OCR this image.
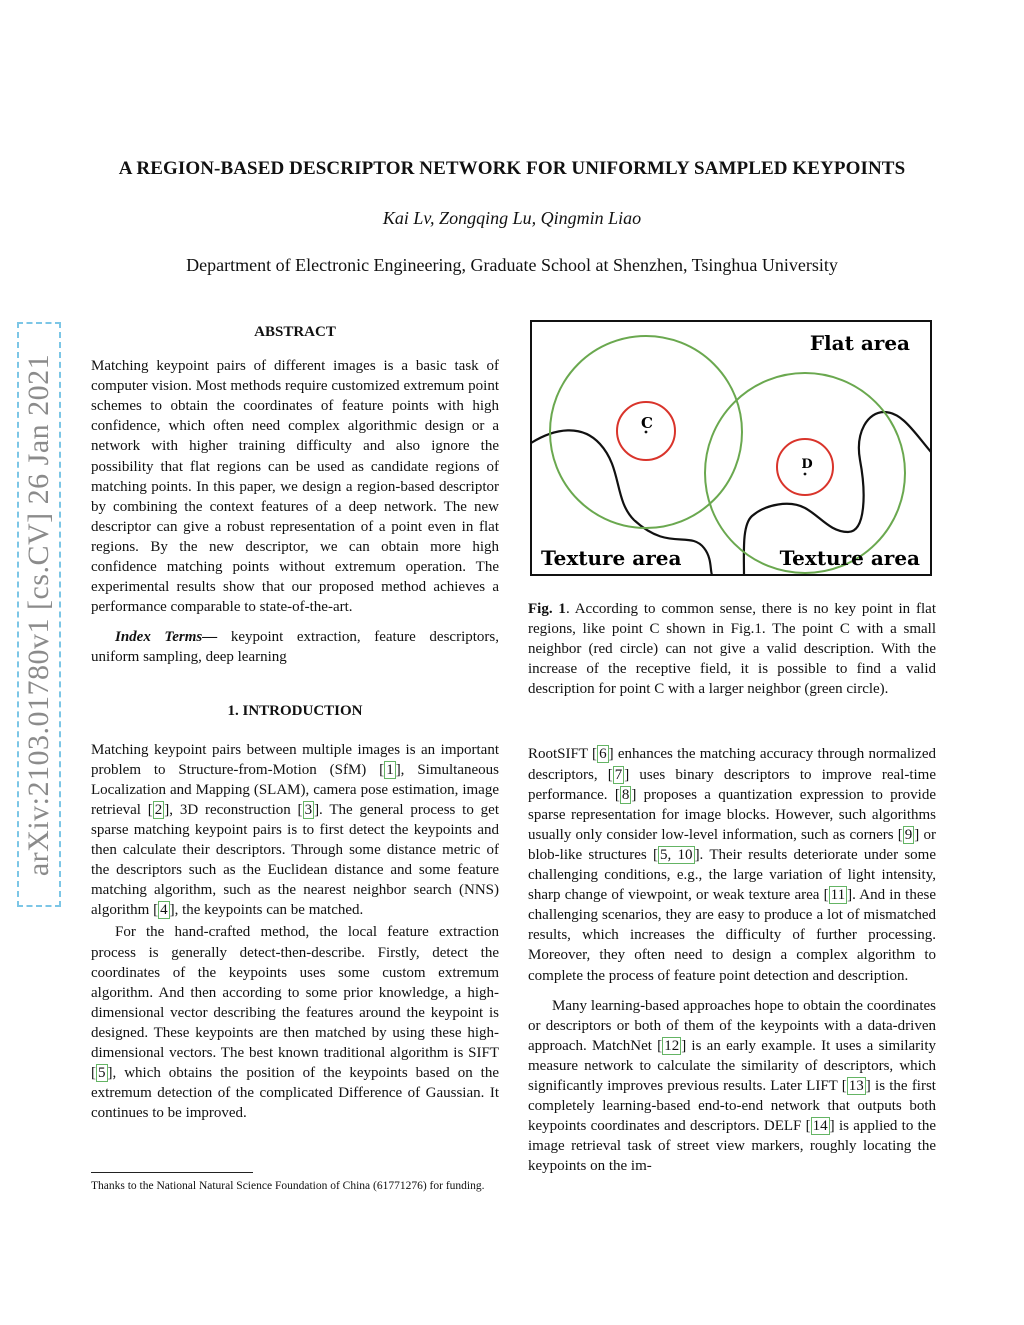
arXiv:2103.01780v1 [cs.CV] 26 Jan 2021
A REGION-BASED DESCRIPTOR NETWORK FOR UNIFORMLY SAMPLED KEYPOINTS
Kai Lv, Zongqing Lu, Qingmin Liao
Department of Electronic Engineering, Graduate School at Shenzhen, Tsinghua University

ABSTRACT

Matching keypoint pairs of different images is a basic task of computer vision. Most methods require customized extremum point schemes to obtain the coordinates of feature points with high confidence, which often need complex algorithmic design or a network with higher training difficulty and also ignore the possibility that flat regions can be used as candidate regions of matching points. In this paper, we design a region-based descriptor by combining the context features of a deep network. The new descriptor can give a robust representation of a point even in flat regions. By the new descriptor, we can obtain more high confidence matching points without extremum operation. The experimental results show that our proposed method achieves a performance comparable to state-of-the-art.

Index Terms— keypoint extraction, feature descriptors, uniform sampling, deep learning

1. INTRODUCTION

Matching keypoint pairs between multiple images is an important problem to Structure-from-Motion (SfM) [ 1 ], Simultaneous Localization and Mapping (SLAM), camera pose estimation, image retrieval [ 2 ], 3D reconstruction [ 3 ]. The general process to get sparse matching keypoint pairs is to first detect the keypoints and then calculate their descriptors. Through some distance metric of the descriptors such as the Euclidean distance and some feature matching algorithm, such as the nearest neighbor search (NNS) algorithm [ 4 ], the keypoints can be matched.

For the hand-crafted method, the local feature extraction process is generally detect-then-describe. Firstly, detect the coordinates of the keypoints uses some custom extremum algorithm. And then according to some prior knowledge, a high-dimensional vector describing the features around the keypoint is designed. These keypoints are then matched by using these high-dimensional vectors. The best known traditional algorithm is SIFT [ 5 ], which obtains the position of the keypoints based on the extremum detection of the complicated Difference of Gaussian. It continues to be improved.

Thanks to the National Natural Science Foundation of China (61771276) for funding.
C
D
Flat area
Texture area	Texture area

Fig. 1. According to common sense, there is no key point in flat regions, like point C shown in Fig.1. The point C with a small neighbor (red circle) can not give a valid description. With the increase of the receptive field, it is possible to find a valid description for point C with a larger neighbor (green circle).

RootSIFT [ 6 ] enhances the matching accuracy through normalized descriptors, [ 7 ] uses binary descriptors to improve real-time performance. [ 8 ] proposes a quantization expression to provide sparse representation for image blocks. However, such algorithms usually only consider low-level information, such as corners [ 9 ] or blob-like structures [ 5, 10 ]. Their results deteriorate under some challenging conditions, e.g., the large variation of light intensity, sharp change of viewpoint, or weak texture area [ 11 ]. And in these challenging scenarios, they are easy to produce a lot of mismatched results, which increases the difficulty of further processing. Moreover, they often need to design a complex algorithm to complete the process of feature point detection and description.

Many learning-based approaches hope to obtain the coordinates or descriptors or both of them of the keypoints with a data-driven approach. MatchNet [ 12 ] is an early example. It uses a similarity measure network to calculate the similarity of descriptors, which significantly improves previous results. Later LIFT [ 13 ] is the first completely learning-based end-to-end network that outputs both keypoints coordinates and descriptors. DELF [ 14 ] is applied to the image retrieval task of street view markers, roughly locating the keypoints on the im-
